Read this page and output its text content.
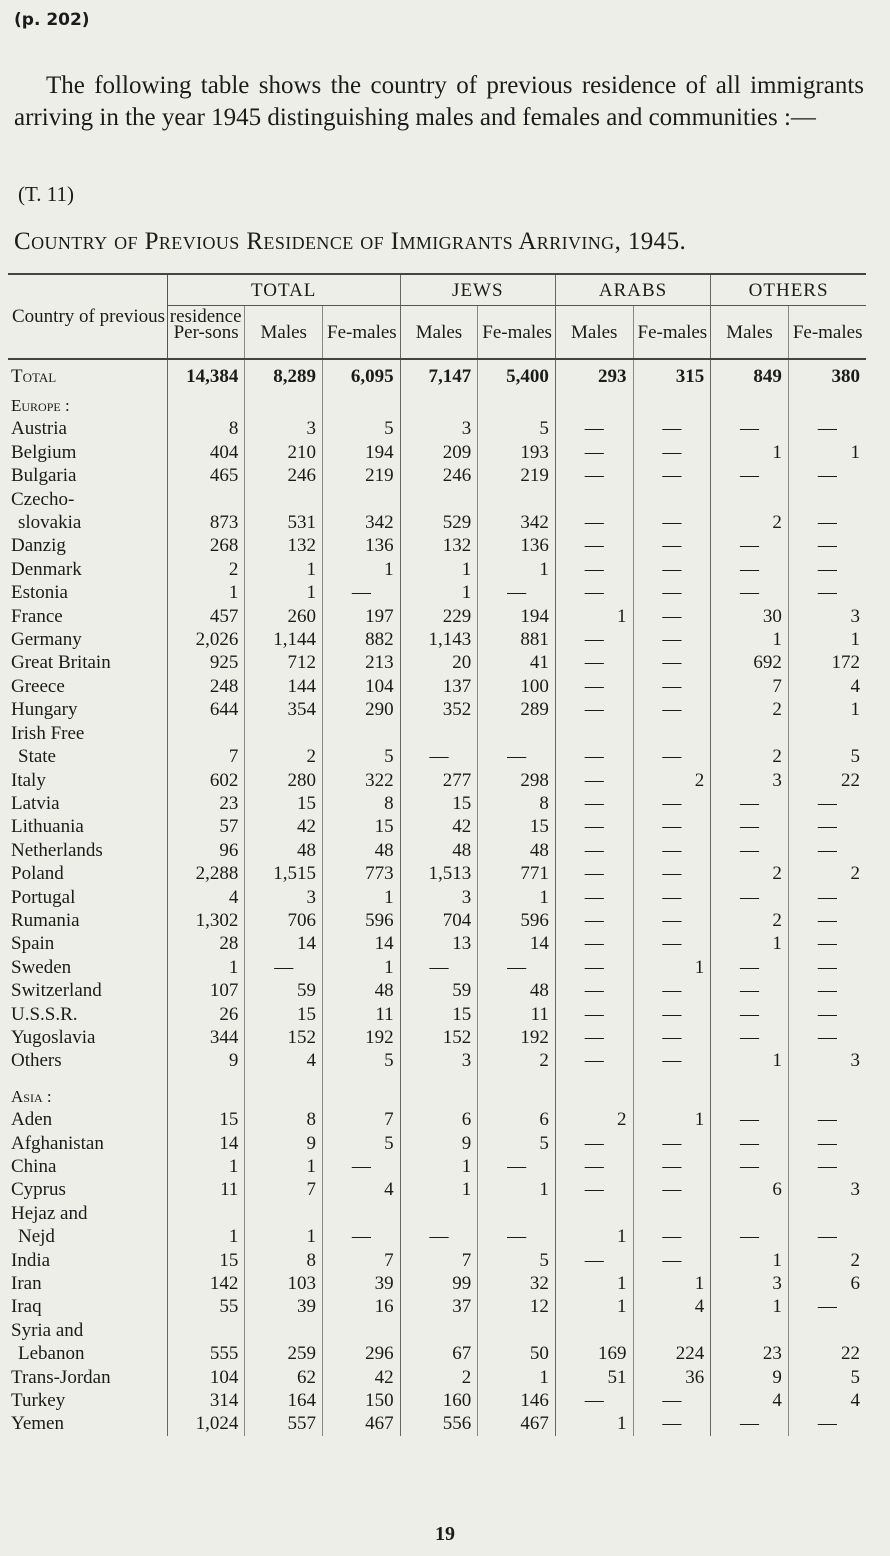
(p. 202)

The following table shows the country of previous residence of all immigrants arriving in the year 1945 distinguishing males and females and communities :—

(T. 11)
Country of Previous Residence of Immigrants Arriving, 1945.
Country of previous residence	TOTAL			JEWS		ARABS		OTHERS	
	Per-sons	Males	Fe-males	Males	Fe-males	Males	Fe-males	Males	Fe-males
Total	14,384	8,289	6,095	7,147	5,400	293	315	849	380
Europe :									
Austria	8	3	5	3	5	—	—	—	—
Belgium	404	210	194	209	193	—	—	1	1
Bulgaria	465	246	219	246	219	—	—	—	—
Czecho-									
slovakia	873	531	342	529	342	—	—	2	—
Danzig	268	132	136	132	136	—	—	—	—
Denmark	2	1	1	1	1	—	—	—	—
Estonia	1	1	—	1	—	—	—	—	—
France	457	260	197	229	194	1	—	30	3
Germany	2,026	1,144	882	1,143	881	—	—	1	1
Great Britain	925	712	213	20	41	—	—	692	172
Greece	248	144	104	137	100	—	—	7	4
Hungary	644	354	290	352	289	—	—	2	1
Irish Free									
State	7	2	5	—	—	—	—	2	5
Italy	602	280	322	277	298	—	2	3	22
Latvia	23	15	8	15	8	—	—	—	—
Lithuania	57	42	15	42	15	—	—	—	—
Netherlands	96	48	48	48	48	—	—	—	—
Poland	2,288	1,515	773	1,513	771	—	—	2	2
Portugal	4	3	1	3	1	—	—	—	—
Rumania	1,302	706	596	704	596	—	—	2	—
Spain	28	14	14	13	14	—	—	1	—
Sweden	1	—	1	—	—	—	1	—	—
Switzerland	107	59	48	59	48	—	—	—	—
U.S.S.R.	26	15	11	15	11	—	—	—	—
Yugoslavia	344	152	192	152	192	—	—	—	—
Others	9	4	5	3	2	—	—	1	3

Asia :									
Aden	15	8	7	6	6	2	1	—	—
Afghanistan	14	9	5	9	5	—	—	—	—
China	1	1	—	1	—	—	—	—	—
Cyprus	11	7	4	1	1	—	—	6	3
Hejaz and									
Nejd	1	1	—	—	—	1	—	—	—
India	15	8	7	7	5	—	—	1	2
Iran	142	103	39	99	32	1	1	3	6
Iraq	55	39	16	37	12	1	4	1	—
Syria and									
Lebanon	555	259	296	67	50	169	224	23	22
Trans-Jordan	104	62	42	2	1	51	36	9	5
Turkey	314	164	150	160	146	—	—	4	4
Yemen	1,024	557	467	556	467	1	—	—	—
19
